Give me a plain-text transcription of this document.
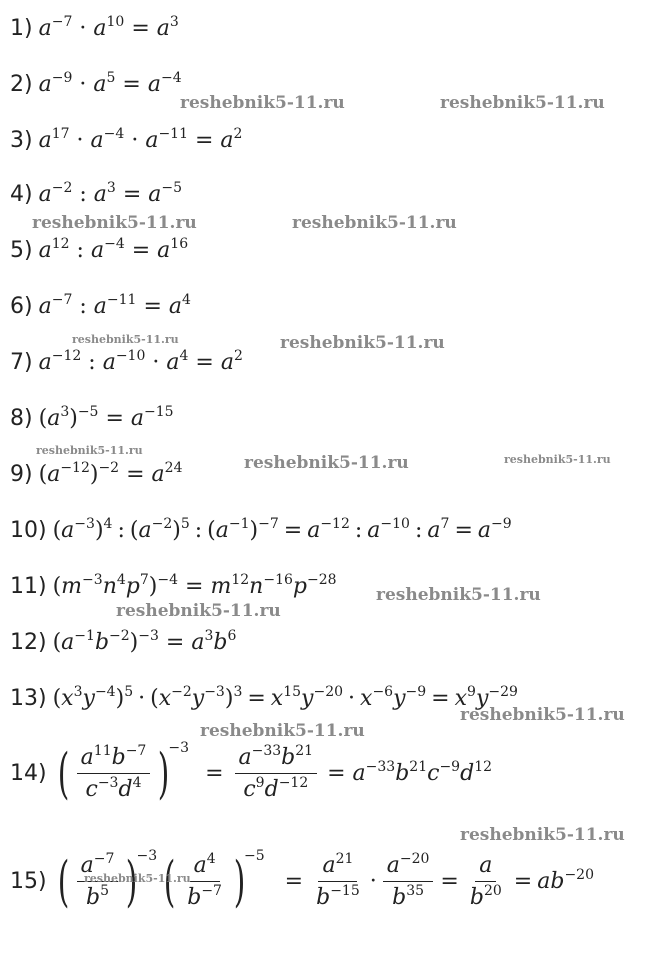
1) $a^{-7} \cdot a^{10} = a^3$
2) $a^{-9} \cdot a^5 = a^{-4}$
3) $a^{17} \cdot a^{-4} \cdot a^{-11} = a^2$
4) $a^{-2}$ : $a^3 = a^{-5}$
5) $a^{12}$ : $a^{-4} = a^{16}$
6) $a^{-7}$ : $a^{-11} = a^4$
7) $a^{-12}$ : $a^{-10} \cdot a^4 = a^2$
8) $(a^3)^{-5} = a^{-15}$
9) $(a^{-12})^{-2} = a^{24}$
10) $(a^{-3})^4$ : $(a^{-2})^5$ : $(a^{-1})^{-7} = a^{-12}$ : $a^{-10}$ : $a^7 = a^{-9}$
11) $(m^{-3}n^4p^7)^{-4} = m^{12}n^{-16}p^{-28}$
12) $(a^{-1}b^{-2})^{-3} = a^3b^6$
13) $(x^3y^{-4})^5 \cdot (x^{-2}y^{-3})^3 = x^{15}y^{-20} \cdot x^{-6}y^{-9} = x^9y^{-29}$
14) ( $\frac{a^{11}b^{-7}}{c^{-3}d^4}$ )
−3
= $\frac{a^{-33}b^{21}}{c^9d^{-12}} = a^{-33}b^{21}c^{-9}d^{12}$
15) ( $\frac{a^{-7}}{b^5}$ )
−3 ( $\frac{a^4}{b^{-7}}$ )
−5
= $\frac{a^{21}}{b^{-15}} \cdot \frac{a^{-20}}{b^{35}} = \frac{a}{b^{20}} = ab^{-20}$
reshebnik5-11.ru	reshebnik5-11.ru
reshebnik5-11.ru	reshebnik5-11.ru
reshebnik5-11.ru	reshebnik5-11.ru
reshebnik5-11.ru
reshebnik5-11.ru	reshebnik5-11.ru
reshebnik5-11.ru
reshebnik5-11.ru
reshebnik5-11.ru
reshebnik5-11.ru
reshebnik5-11.ru
reshebnik5-11.ru
